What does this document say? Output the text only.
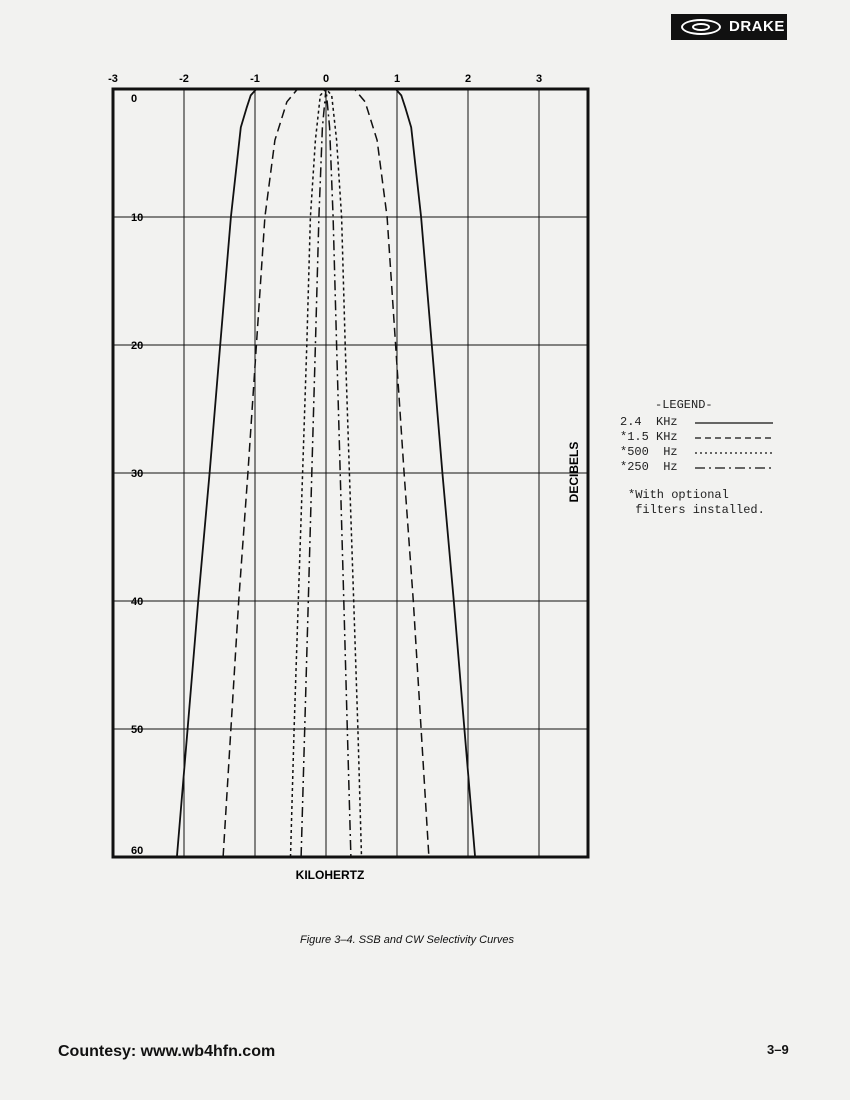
DRAKE
-3	-2	-1	0	1	2	3
0
10
20
30
40
50
60
KILOHERTZ
DECIBELS
-LEGEND-
2.4  KHz
*1.5 KHz
*500  Hz
*250  Hz
*With optional
filters installed.
Figure 3–4. SSB and CW Selectivity Curves
Countesy: www.wb4hfn.com	3–9
